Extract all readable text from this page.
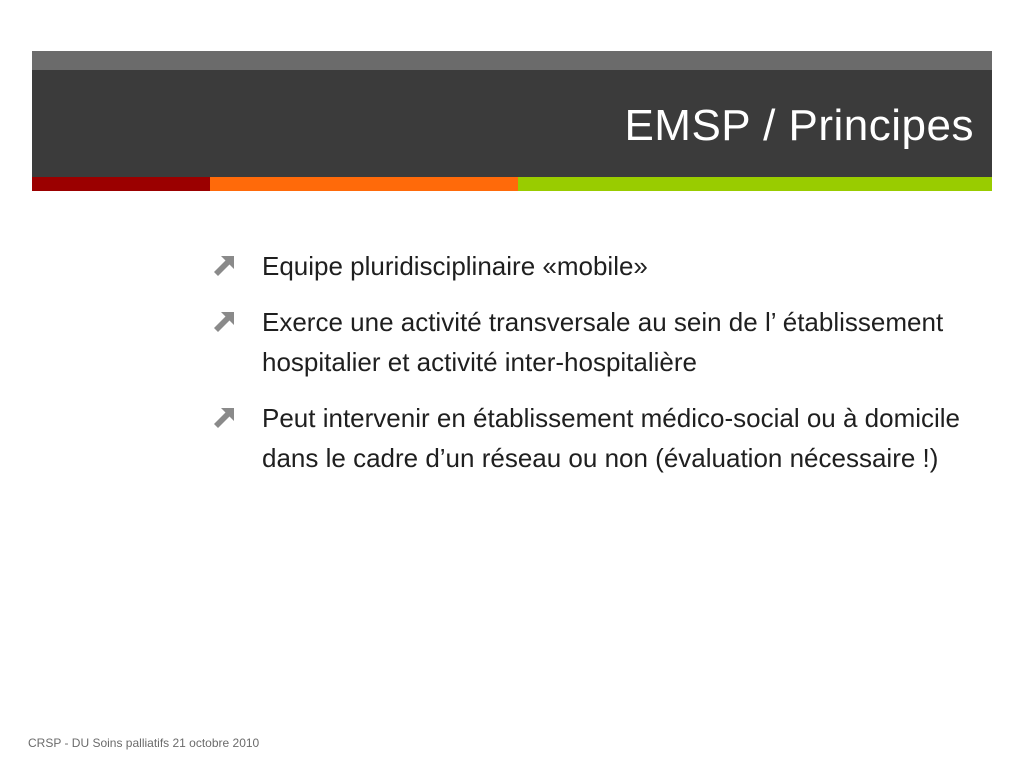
EMSP / Principes
Equipe pluridisciplinaire «mobile»
Exerce une activité transversale au sein de l’ établissement hospitalier et activité inter-hospitalière
Peut intervenir en établissement médico-social ou à domicile dans le cadre d’un réseau ou non (évaluation nécessaire !)
CRSP - DU Soins palliatifs 21 octobre 2010
